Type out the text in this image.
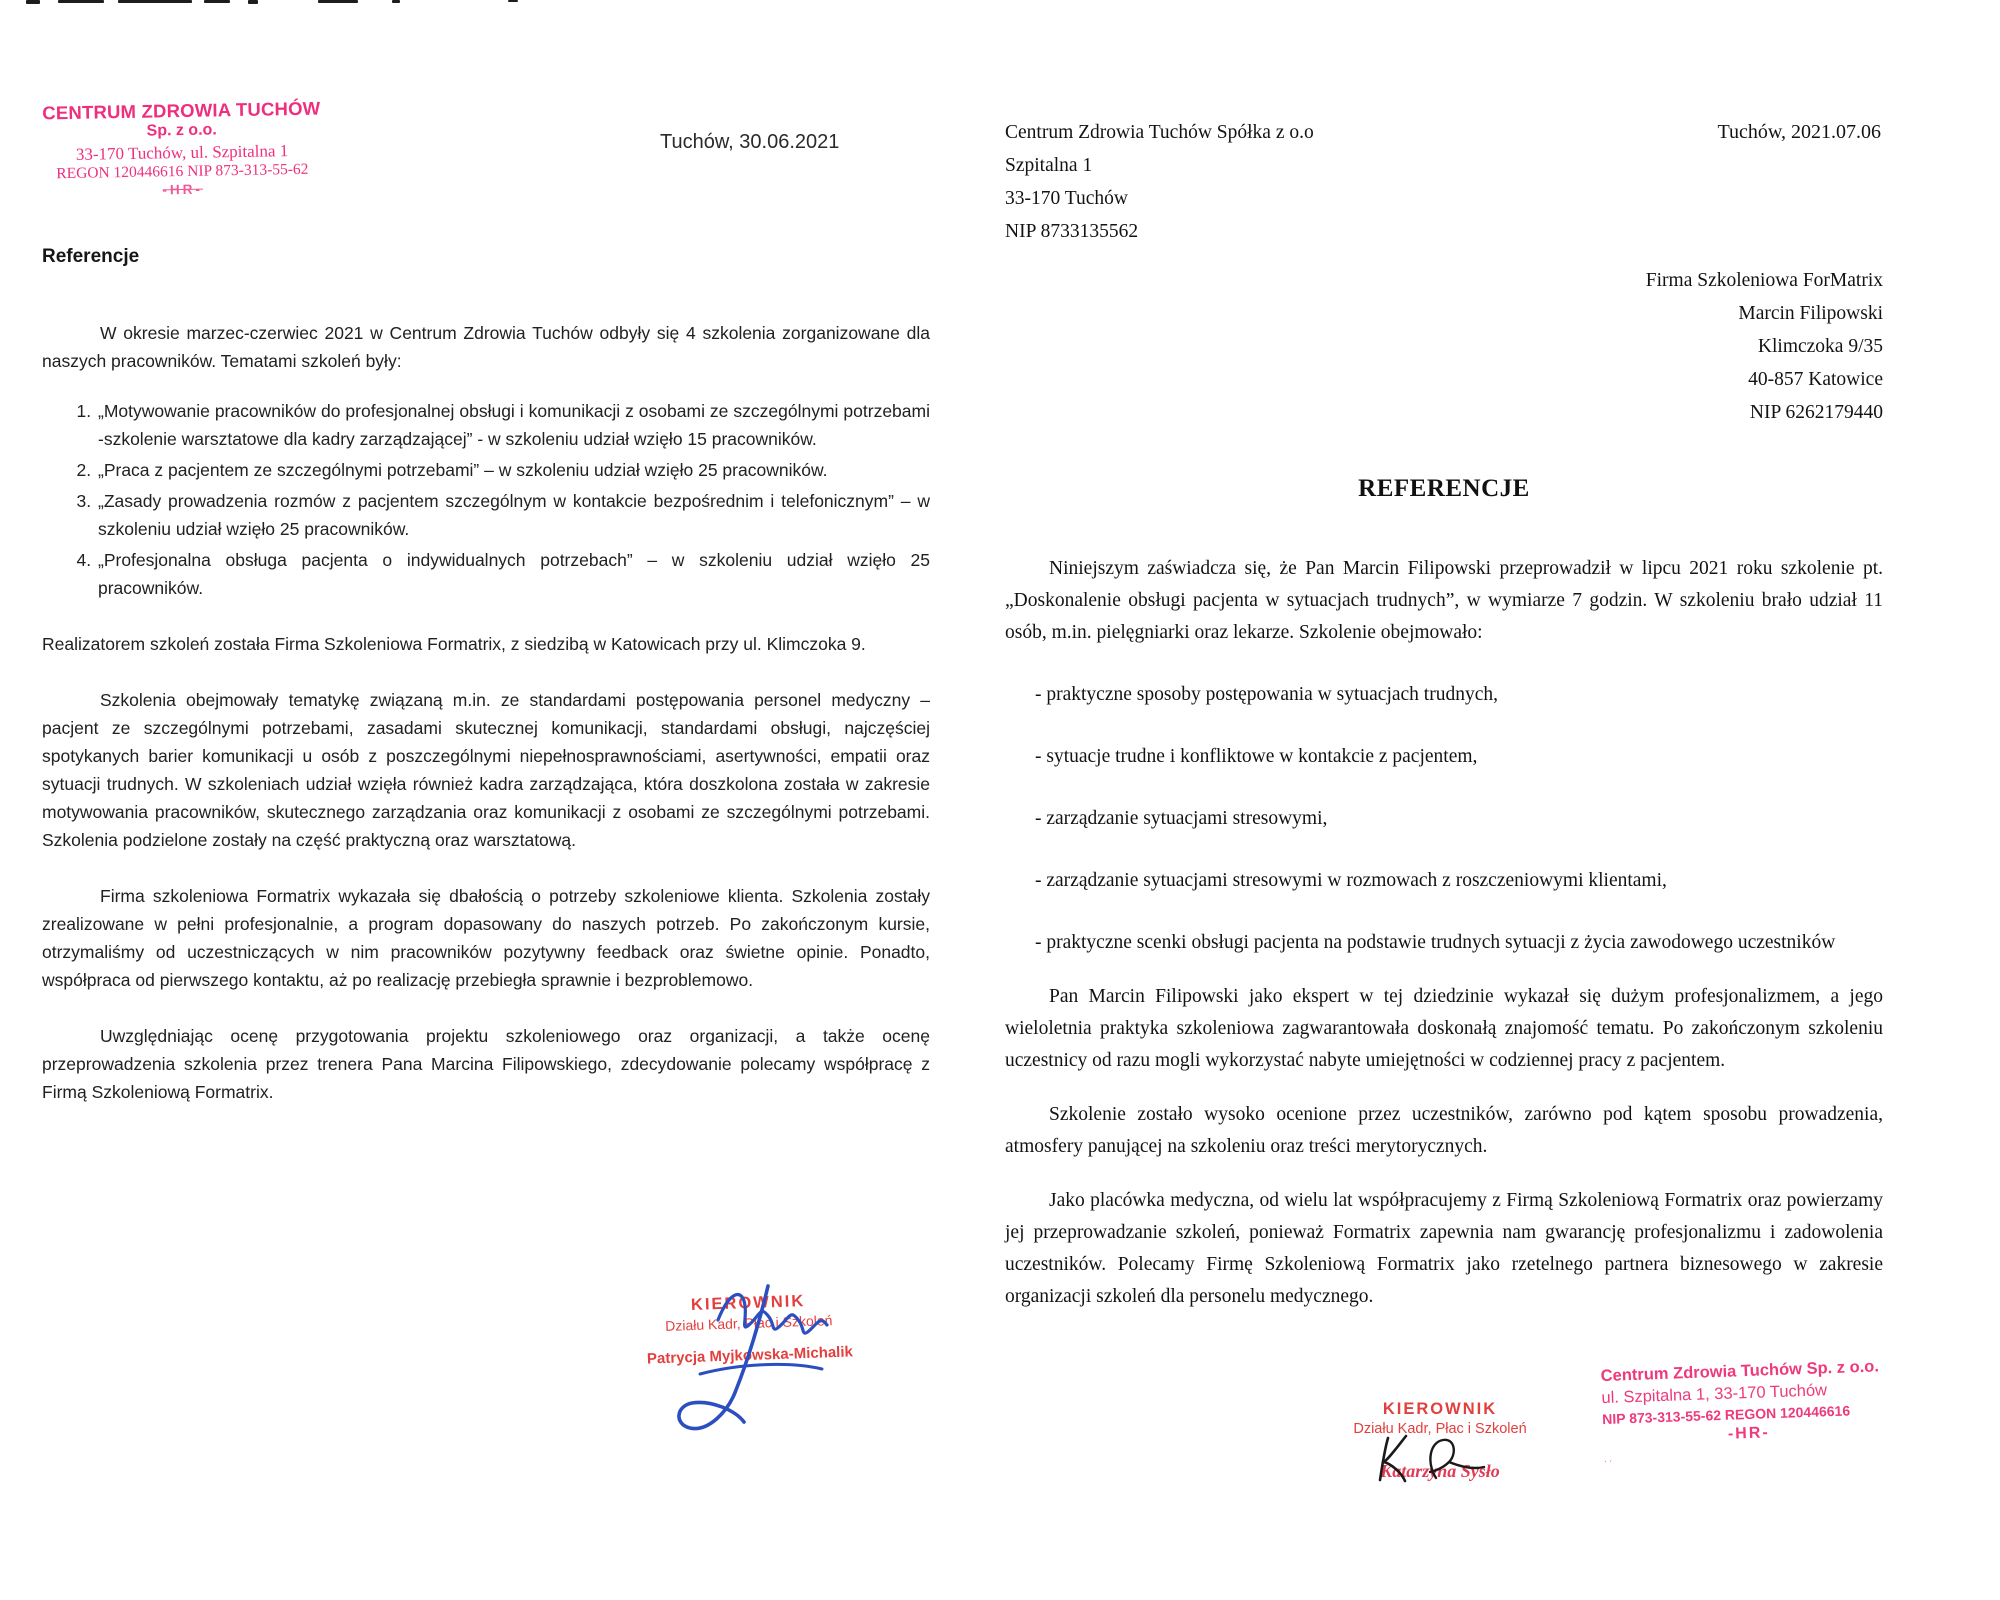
CENTRUM ZDROWIA TUCHÓW
Sp. z o.o.
33-170 Tuchów, ul. Szpitalna 1
REGON 120446616 NIP 873-313-55-62
-HR-
Tuchów, 30.06.2021
Referencje

W okresie marzec-czerwiec 2021 w Centrum Zdrowia Tuchów odbyły się 4 szkolenia zorganizowane dla naszych pracowników. Tematami szkoleń były:

1. „Motywowanie pracowników do profesjonalnej obsługi i komunikacji z osobami ze szczególnymi potrzebami -szkolenie warsztatowe dla kadry zarządzającej” - w szkoleniu udział wzięło 15 pracowników.
2. „Praca z pacjentem ze szczególnymi potrzebami” – w szkoleniu udział wzięło 25 pracowników.
3. „Zasady prowadzenia rozmów z pacjentem szczególnym w kontakcie bezpośrednim i telefonicznym” – w szkoleniu udział wzięło 25 pracowników.
4. „Profesjonalna obsługa pacjenta o indywidualnych potrzebach” – w szkoleniu udział wzięło 25 pracowników.

Realizatorem szkoleń została Firma Szkoleniowa Formatrix, z siedzibą w Katowicach przy ul. Klimczoka 9.

Szkolenia obejmowały tematykę związaną m.in. ze standardami postępowania personel medyczny – pacjent ze szczególnymi potrzebami, zasadami skutecznej komunikacji, standardami obsługi, najczęściej spotykanych barier komunikacji u osób z poszczególnymi niepełnosprawnościami, asertywności, empatii oraz sytuacji trudnych. W szkoleniach udział wzięła również kadra zarządzająca, która doszkolona została w zakresie motywowania pracowników, skutecznego zarządzania oraz komunikacji z osobami ze szczególnymi potrzebami. Szkolenia podzielone zostały na część praktyczną oraz warsztatową.

Firma szkoleniowa Formatrix wykazała się dbałością o potrzeby szkoleniowe klienta. Szkolenia zostały zrealizowane w pełni profesjonalnie, a program dopasowany do naszych potrzeb. Po zakończonym kursie, otrzymaliśmy od uczestniczących w nim pracowników pozytywny feedback oraz świetne opinie. Ponadto, współpraca od pierwszego kontaktu, aż po realizację przebiegła sprawnie i bezproblemowo.

Uwzględniając ocenę przygotowania projektu szkoleniowego oraz organizacji, a także ocenę przeprowadzenia szkolenia przez trenera Pana Marcina Filipowskiego, zdecydowanie polecamy współpracę z Firmą Szkoleniową Formatrix.

KIEROWNIK
Działu Kadr, Płac i Szkoleń
Patrycja Myjkowska-Michalik
Centrum Zdrowia Tuchów Spółka z o.o
Szpitalna 1
33-170 Tuchów
NIP 8733135562
Tuchów, 2021.07.06
Firma Szkoleniowa ForMatrix
Marcin Filipowski
Klimczoka 9/35
40-857 Katowice
NIP 6262179440
REFERENCJE

Niniejszym zaświadcza się, że Pan Marcin Filipowski przeprowadził w lipcu 2021 roku szkolenie pt. „Doskonalenie obsługi pacjenta w sytuacjach trudnych”, w wymiarze 7 godzin. W szkoleniu brało udział 11 osób, m.in. pielęgniarki oraz lekarze. Szkolenie obejmowało:

- praktyczne sposoby postępowania w sytuacjach trudnych,

- sytuacje trudne i konfliktowe w kontakcie z pacjentem,

- zarządzanie sytuacjami stresowymi,

- zarządzanie sytuacjami stresowymi w rozmowach z roszczeniowymi klientami,

- praktyczne scenki obsługi pacjenta na podstawie trudnych sytuacji z życia zawodowego uczestników

Pan Marcin Filipowski jako ekspert w tej dziedzinie wykazał się dużym profesjonalizmem, a jego wieloletnia praktyka szkoleniowa zagwarantowała doskonałą znajomość tematu. Po zakończonym szkoleniu uczestnicy od razu mogli wykorzystać nabyte umiejętności w codziennej pracy z pacjentem.

Szkolenie zostało wysoko ocenione przez uczestników, zarówno pod kątem sposobu prowadzenia, atmosfery panującej na szkoleniu oraz treści merytorycznych.

Jako placówka medyczna, od wielu lat współpracujemy z Firmą Szkoleniową Formatrix oraz powierzamy jej przeprowadzanie szkoleń, ponieważ Formatrix zapewnia nam gwarancję profesjonalizmu i zadowolenia uczestników. Polecamy Firmę Szkoleniową Formatrix jako rzetelnego partnera biznesowego w zakresie organizacji szkoleń dla personelu medycznego.

KIEROWNIK
Działu Kadr, Płac i Szkoleń
Katarzyna Sysło
Centrum Zdrowia Tuchów Sp. z o.o.
ul. Szpitalna 1, 33-170 Tuchów
NIP 873-313-55-62 REGON 120446616
-HR-
..
